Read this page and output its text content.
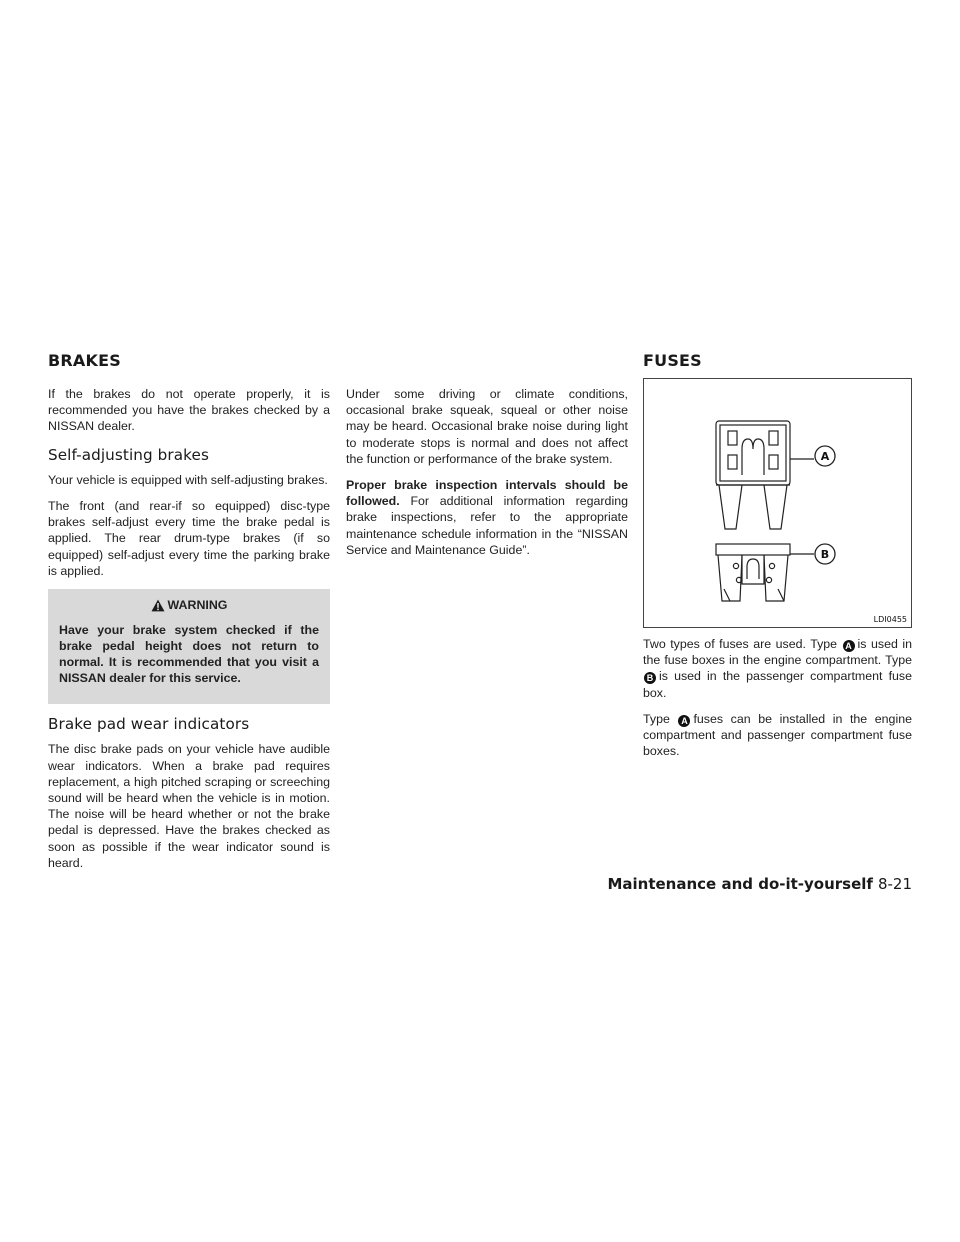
BRAKES	FUSES

If the brakes do not operate properly, it is recommended you have the brakes checked by a NISSAN dealer.

Self-adjusting brakes

Your vehicle is equipped with self-adjusting brakes.

The front (and rear-if so equipped) disc-type brakes self-adjust every time the brake pedal is applied. The rear drum-type brakes (if so equipped) self-adjust every time the parking brake is applied.

WARNING

Have your brake system checked if the brake pedal height does not return to normal. It is recommended that you visit a NISSAN dealer for this service.

Brake pad wear indicators

The disc brake pads on your vehicle have audible wear indicators. When a brake pad requires replacement, a high pitched scraping or screeching sound will be heard when the vehicle is in motion. The noise will be heard whether or not the brake pedal is depressed. Have the brakes checked as soon as possible if the wear indicator sound is heard.

Under some driving or climate conditions, occasional brake squeak, squeal or other noise may be heard. Occasional brake noise during light to moderate stops is normal and does not affect the function or performance of the brake system.

Proper brake inspection intervals should be followed. For additional information regarding brake inspections, refer to the appropriate maintenance schedule information in the “NISSAN Service and Maintenance Guide”.

A
B
LDI0455

Two types of fuses are used. Type A is used in the fuse boxes in the engine compartment. Type B is used in the passenger compartment fuse box.

Type A fuses can be installed in the engine compartment and passenger compartment fuse boxes.

Maintenance and do-it-yourself 8-21
